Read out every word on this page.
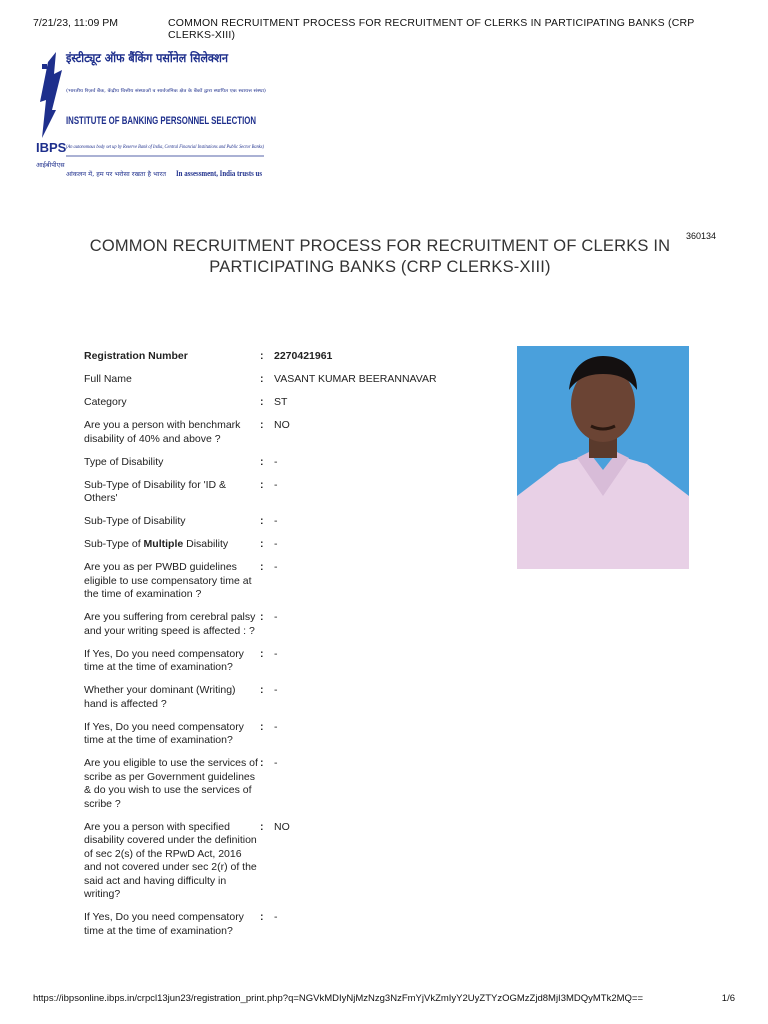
7/21/23, 11:09 PM	COMMON RECRUITMENT PROCESS FOR RECRUITMENT OF CLERKS IN PARTICIPATING BANKS (CRP CLERKS-XIII)
IBPS
आईबीपीएस
इंस्टीट्यूट ऑफ बैंकिंग पर्सोनेल सिलेक्शन
(भारतीय रिज़र्व बैंक, केंद्रीय वित्तीय संस्थाओं व सार्वजनिक क्षेत्र के बैंकों द्वारा स्थापित एक स्वायत्त संस्था)
INSTITUTE OF BANKING PERSONNEL SELECTION
(An autonomous body set up by Reserve Bank of India, Central Financial Institutions and Public Sector Banks)
आंकलन में, हम पर भरोसा रखता है भारत	In assessment, India trusts us
360134
COMMON RECRUITMENT PROCESS FOR RECRUITMENT OF CLERKS IN PARTICIPATING BANKS (CRP CLERKS-XIII)
Registration Number	:	2270421961
Full Name	:	VASANT KUMAR BEERANNAVAR
Category	:	ST
Are you a person with benchmark disability of 40% and above ?
:	NO
Type of Disability	:	-
Sub-Type of Disability for 'ID & Others'
:	-
Sub-Type of Disability	:	-
Sub-Type of Multiple Disability	:	-
Are you as per PWBD guidelines eligible to use compensatory time at the time of examination ?
:	-
Are you suffering from cerebral palsy and your writing speed is affected : ?
:	-
If Yes, Do you need compensatory time at the time of examination?
:	-
Whether your dominant (Writing) hand is affected ?
:	-
If Yes, Do you need compensatory time at the time of examination?
:	-
Are you eligible to use the services of scribe as per Government guidelines & do you wish to use the services of scribe ?
:	-
Are you a person with specified disability covered under the definition of sec 2(s) of the RPwD Act, 2016 and not covered under sec 2(r) of the said act and having difficulty in writing?
:	NO
If Yes, Do you need compensatory time at the time of examination?
:	-
https://ibpsonline.ibps.in/crpcl13jun23/registration_print.php?q=NGVkMDIyNjMzNzg3NzFmYjVkZmIyY2UyZTYzOGMzZjd8MjI3MDQyMTk2MQ==	1/6
